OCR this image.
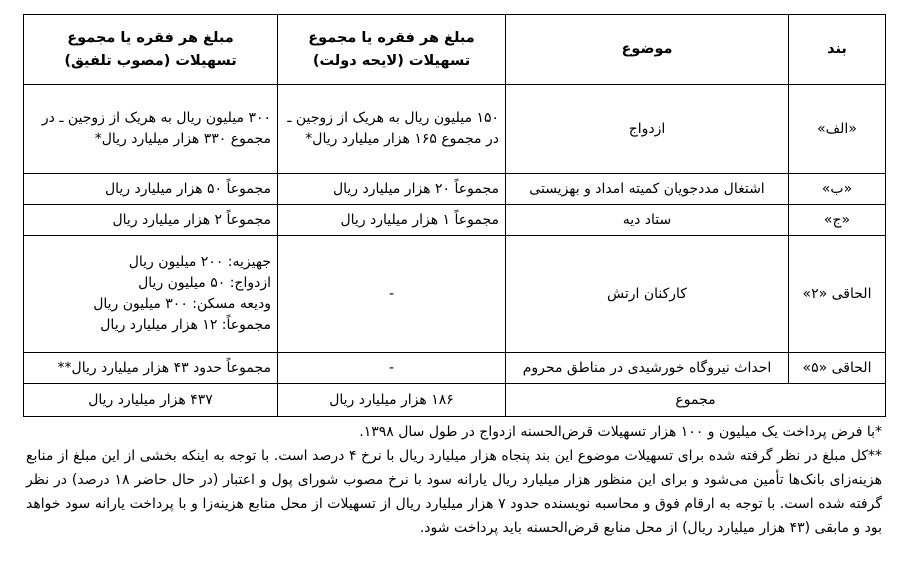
بند	موضوع	مبلغ هر فقره یا مجموع تسهیلات (لایحه دولت)	مبلغ هر فقره یا مجموع تسهیلات (مصوب تلفیق)
«الف»	ازدواج	۱۵۰ میلیون ریال به هریک از زوجین ـ در مجموع ۱۶۵ هزار میلیارد ریال*	۳۰۰ میلیون ریال به هریک از زوجین ـ در مجموع ۳۳۰ هزار میلیارد ریال*
«ب»	اشتغال مددجویان کمیته امداد و بهزیستی	مجموعاً ۲۰ هزار میلیارد ریال	مجموعاً ۵۰ هزار میلیارد ریال
«ج»	ستاد دیه	مجموعاً ۱ هزار میلیارد ریال	مجموعاً ۲ هزار میلیارد ریال
الحاقی «۲»	کارکنان ارتش	-	جهیزیه: ۲۰۰ میلیون ریال
ازدواج: ۵۰ میلیون ریال
ودیعه مسکن: ۳۰۰ میلیون ریال
مجموعاً: ۱۲ هزار میلیارد ریال

الحاقی «۵»	احداث نیروگاه خورشیدی در مناطق محروم	-	مجموعاً حدود ۴۳ هزار میلیارد ریال**
مجموع		۱۸۶ هزار میلیارد ریال	۴۳۷ هزار میلیارد ریال

*با فرض پرداخت یک میلیون و ۱۰۰ هزار تسهیلات قرض‌الحسنه ازدواج در طول سال ۱۳۹۸.

**کل مبلغ در نظر گرفته شده برای تسهیلات موضوع این بند پنجاه هزار میلیارد ریال با نرخ ۴ درصد است. با توجه به اینکه بخشی از این مبلغ از منابع هزینه‌زای بانک‌ها تأمین می‌شود و برای این منظور هزار میلیارد ریال یارانه سود با نرخ مصوب شورای پول و اعتبار (در حال حاضر ۱۸ درصد) در نظر گرفته شده است. با توجه به ارقام فوق و محاسبه نویسنده حدود ۷ هزار میلیارد ریال از تسهیلات از محل منابع هزینه‌زا و با پرداخت یارانه سود خواهد بود و مابقی (۴۳ هزار میلیارد ریال) از محل منابع قرض‌الحسنه باید پرداخت شود.
